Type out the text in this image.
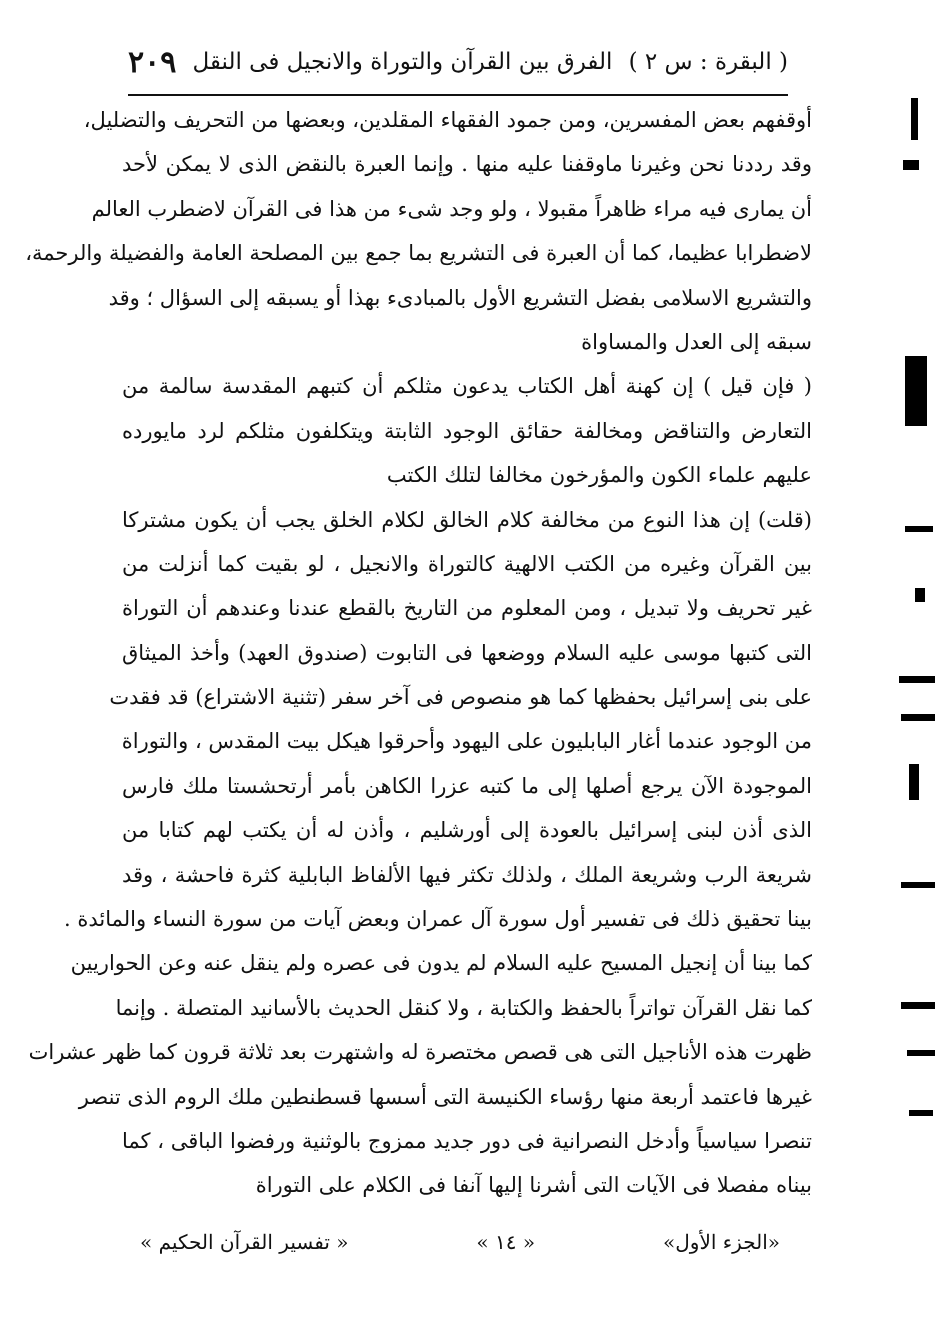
( البقرة : س ٢ )
الفرق بين القرآن والتوراة والانجيل فى النقل
٢٠٩
أوقفهم بعض المفسرين، ومن جمود الفقهاء المقلدين، وبعضها من التحريف والتضليل،
وقد رددنا نحن وغيرنا ماوقفنا عليه منها . وإنما العبرة بالنقض الذى لا يمكن لأحد
أن يمارى فيه مراء ظاهراً مقبولا ، ولو وجد شىء من هذا فى القرآن لاضطرب العالم
لاضطرابا عظيما، كما أن العبرة فى التشريع بما جمع بين المصلحة العامة والفضيلة والرحمة،
والتشريع الاسلامى بفضل التشريع الأول بالمبادىء بهذا أو يسبقه إلى السؤال ؛ وقد
سبقه إلى العدل والمساواة
( فإن قيل ) إن كهنة أهل الكتاب يدعون مثلكم أن كتبهم المقدسة سالمة من
التعارض والتناقض ومخالفة حقائق الوجود الثابتة ويتكلفون مثلكم لرد مايورده
عليهم علماء الكون والمؤرخون مخالفا لتلك الكتب
(قلت) إن هذا النوع من مخالفة كلام الخالق لكلام الخلق يجب أن يكون مشتركا
بين القرآن وغيره من الكتب الالهية كالتوراة والانجيل ، لو بقيت كما أنزلت من
غير تحريف ولا تبديل ، ومن المعلوم من التاريخ بالقطع عندنا وعندهم أن التوراة
التى كتبها موسى عليه السلام ووضعها فى التابوت (صندوق العهد) وأخذ الميثاق
على بنى إسرائيل بحفظها كما هو منصوص فى آخر سفر (تثنية الاشتراع) قد فقدت
من الوجود عندما أغار البابليون على اليهود وأحرقوا هيكل بيت المقدس ، والتوراة
الموجودة الآن يرجع أصلها إلى ما كتبه عزرا الكاهن بأمر أرتحشستا ملك فارس
الذى أذن لبنى إسرائيل بالعودة إلى أورشليم ، وأذن له أن يكتب لهم كتابا من
شريعة الرب وشريعة الملك ، ولذلك تكثر فيها الألفاظ البابلية كثرة فاحشة ، وقد
بينا تحقيق ذلك فى تفسير أول سورة آل عمران وبعض آيات من سورة النساء والمائدة .
كما بينا أن إنجيل المسيح عليه السلام لم يدون فى عصره ولم ينقل عنه وعن الحواريين
كما نقل القرآن تواتراً بالحفظ والكتابة ، ولا كنقل الحديث بالأسانيد المتصلة . وإنما
ظهرت هذه الأناجيل التى هى قصص مختصرة له واشتهرت بعد ثلاثة قرون كما ظهر عشرات
غيرها فاعتمد أربعة منها رؤساء الكنيسة التى أسسها قسطنطين ملك الروم الذى تنصر
تنصرا سياسياً وأدخل النصرانية فى دور جديد ممزوج بالوثنية ورفضوا الباقى ، كما
بيناه مفصلا فى الآيات التى أشرنا إليها آنفا فى الكلام على التوراة
«الجزء الأول»
« ١٤ »
« تفسير القرآن الحكيم »
